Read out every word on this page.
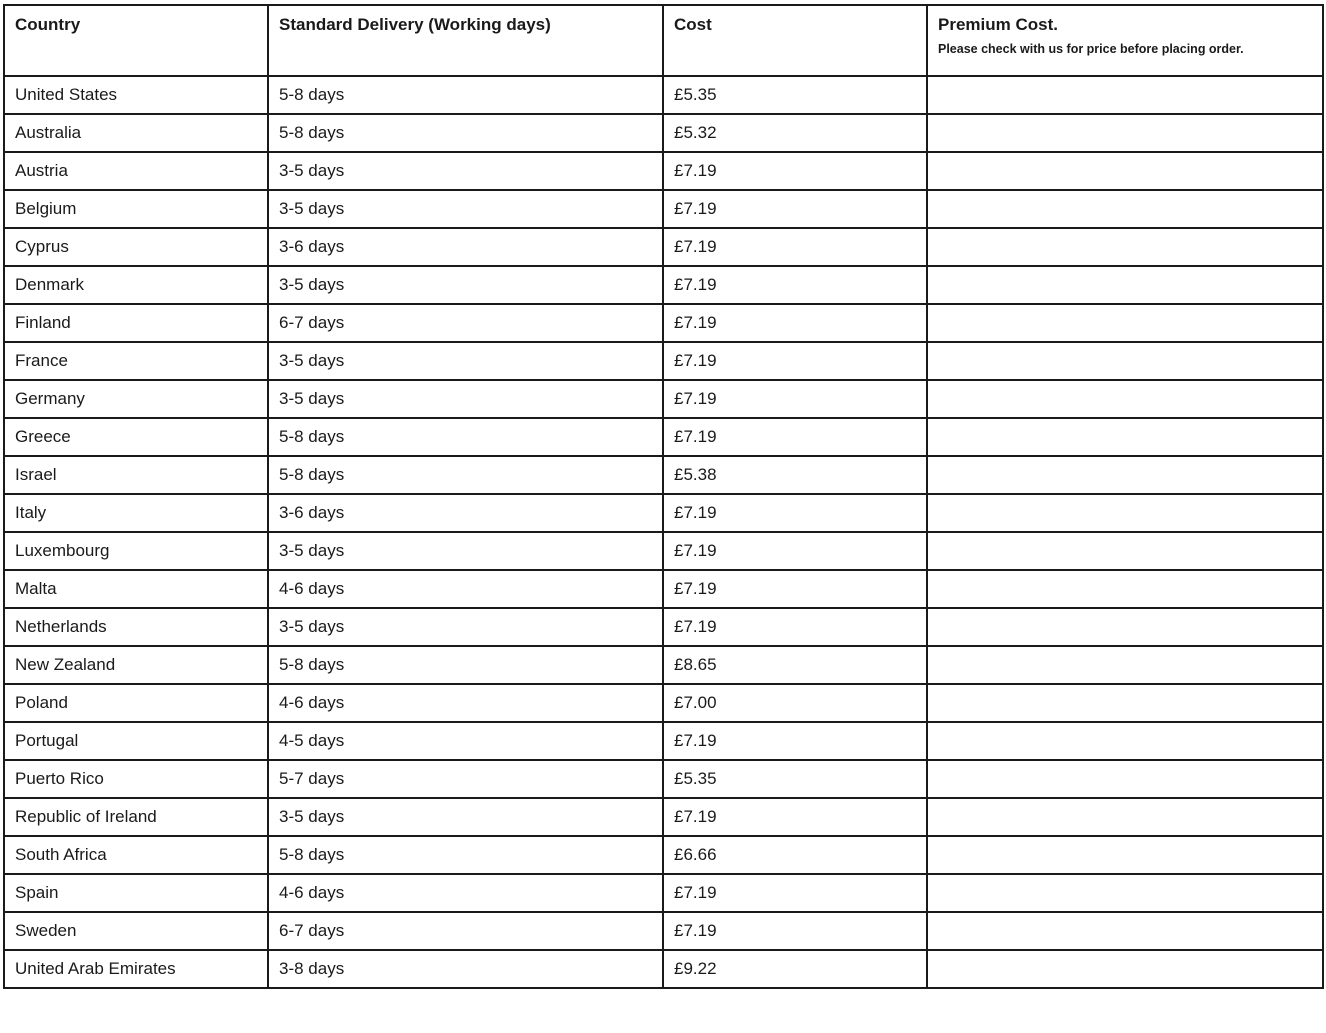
Country	Standard Delivery (Working days)	Cost	Premium Cost.
Please check with us for price before placing order.

United States	5-8 days	£5.35	
Australia	5-8 days	£5.32	
Austria	3-5 days	£7.19	
Belgium	3-5 days	£7.19	
Cyprus	3-6 days	£7.19	
Denmark	3-5 days	£7.19	
Finland	6-7 days	£7.19	
France	3-5 days	£7.19	
Germany	3-5 days	£7.19	
Greece	5-8 days	£7.19	
Israel	5-8 days	£5.38	
Italy	3-6 days	£7.19	
Luxembourg	3-5 days	£7.19	
Malta	4-6 days	£7.19	
Netherlands	3-5 days	£7.19	
New Zealand	5-8 days	£8.65	
Poland	4-6 days	£7.00	
Portugal	4-5 days	£7.19	
Puerto Rico	5-7 days	£5.35	
Republic of Ireland	3-5 days	£7.19	
South Africa	5-8 days	£6.66	
Spain	4-6 days	£7.19	
Sweden	6-7 days	£7.19	
United Arab Emirates	3-8 days	£9.22	
